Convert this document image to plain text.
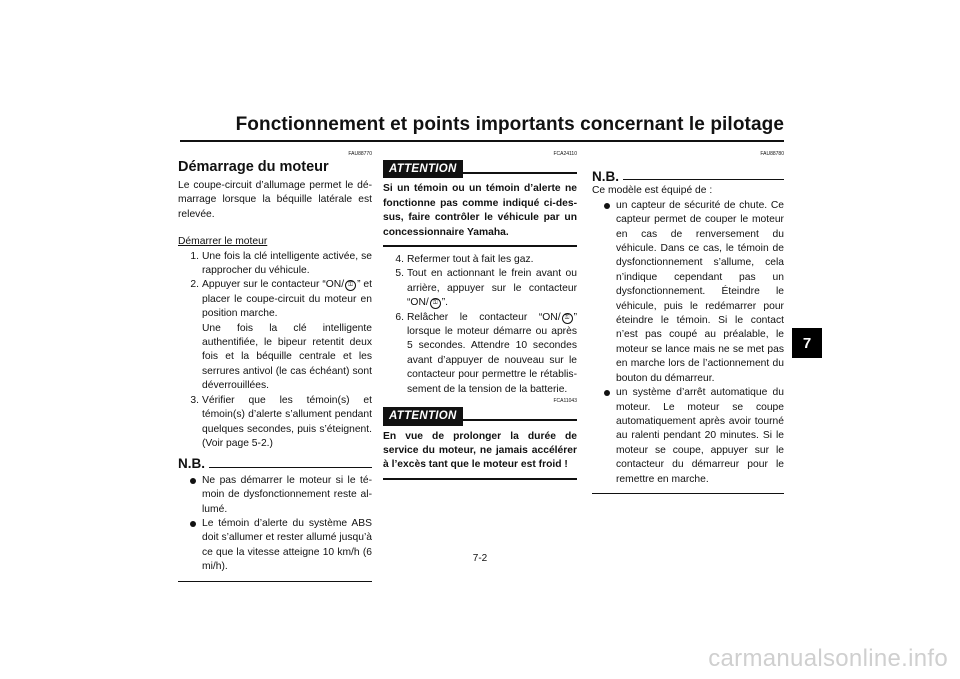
Fonctionnement et points importants concernant le pilotage
7

FAU88770

Démarrage du moteur

Le coupe-circuit d’allumage permet le démarrage lorsque la béquille latérale est relevée.

Démarrer le moteur

1. Une fois la clé intelligente activée, se rapprocher du véhicule.
2. Appuyer sur le contacteur “ON/ ⚿ ” et placer le coupe-circuit du moteur en position marche.
Une fois la clé intelligente authentifiée, le bipeur retentit deux fois et la béquille centrale et les serrures antivol (le cas échéant) sont déverrouillées.
3. Vérifier que les témoin(s) et témoin(s) d’alerte s’allument pendant quelques secondes, puis s’éteignent. (Voir page 5-2.)
N.B.
Ne pas démarrer le moteur si le témoin de dysfonctionnement reste allumé.
Le témoin d’alerte du système ABS doit s’allumer et rester allumé jusqu’à ce que la vitesse atteigne 10 km/h (6 mi/h).

FCA24110

ATTENTION

Si un témoin ou un témoin d’alerte ne fonctionne pas comme indiqué ci-dessus, faire contrôler le véhicule par un concessionnaire Yamaha.

4. Refermer tout à fait les gaz.
5. Tout en actionnant le frein avant ou arrière, appuyer sur le contacteur “ON/ ⚿ ”.
6. Relâcher le contacteur “ON/ ⚿ ” lorsque le moteur démarre ou après 5 secondes. Attendre 10 secondes avant d’appuyer de nouveau sur le contacteur pour permettre le rétablissement de la tension de la batterie.

FCA11043

ATTENTION

En vue de prolonger la durée de service du moteur, ne jamais accélérer à l’excès tant que le moteur est froid !

FAU88780

N.B.

Ce modèle est équipé de :

un capteur de sécurité de chute. Ce capteur permet de couper le moteur en cas de renversement du véhicule. Dans ce cas, le témoin de dysfonctionnement s’allume, cela n’indique cependant pas un dysfonctionnement. Éteindre le véhicule, puis le redémarrer pour éteindre le témoin. Si le contact n’est pas coupé au préalable, le moteur se lance mais ne se met pas en marche lors de l’actionnement du bouton du démarreur.
un système d’arrêt automatique du moteur. Le moteur se coupe automatiquement après avoir tourné au ralenti pendant 20 minutes. Si le moteur se coupe, appuyer sur le contacteur du démarreur pour le remettre en marche.
7-2
carmanualsonline.info
